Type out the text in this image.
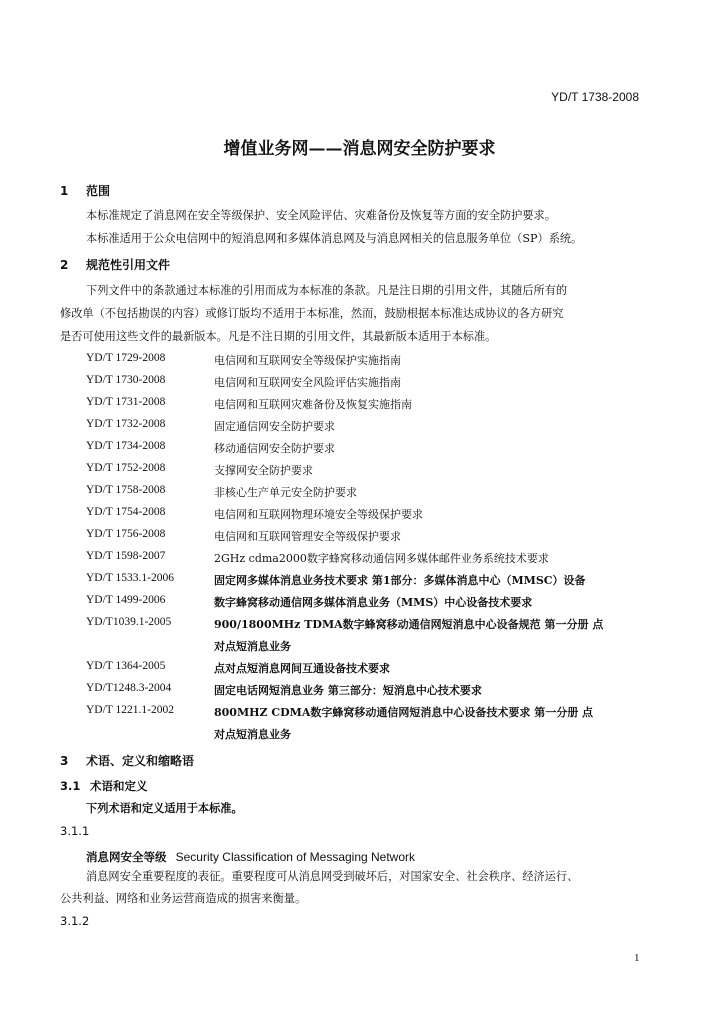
YD/T 1738-2008
增值业务网——消息网安全防护要求
1 范围
本标准规定了消息网在安全等级保护、安全风险评估、灾难备份及恢复等方面的安全防护要求。
本标准适用于公众电信网中的短消息网和多媒体消息网及与消息网相关的信息服务单位（SP）系统。
2 规范性引用文件
下列文件中的条款通过本标准的引用而成为本标准的条款。凡是注日期的引用文件，其随后所有的
修改单（不包括勘误的内容）或修订版均不适用于本标准，然而，鼓励根据本标准达成协议的各方研究
是否可使用这些文件的最新版本。凡是不注日期的引用文件，其最新版本适用于本标准。
YD/T 1729-2008	电信网和互联网安全等级保护实施指南
YD/T 1730-2008	电信网和互联网安全风险评估实施指南
YD/T 1731-2008	电信网和互联网灾难备份及恢复实施指南
YD/T 1732-2008	固定通信网安全防护要求
YD/T 1734-2008	移动通信网安全防护要求
YD/T 1752-2008	支撑网安全防护要求
YD/T 1758-2008	非核心生产单元安全防护要求
YD/T 1754-2008	电信网和互联网物理环境安全等级保护要求
YD/T 1756-2008	电信网和互联网管理安全等级保护要求
YD/T 1598-2007	2GHz cdma2000数字蜂窝移动通信网多媒体邮件业务系统技术要求
YD/T 1533.1-2006	固定网多媒体消息业务技术要求 第1部分：多媒体消息中心（MMSC）设备
YD/T 1499-2006	数字蜂窝移动通信网多媒体消息业务（MMS）中心设备技术要求
YD/T1039.1-2005	900/1800MHz TDMA数字蜂窝移动通信网短消息中心设备规范 第一分册 点
对点短消息业务
YD/T 1364-2005	点对点短消息网间互通设备技术要求
YD/T1248.3-2004	固定电话网短消息业务 第三部分：短消息中心技术要求
YD/T 1221.1-2002	800MHZ CDMA数字蜂窝移动通信网短消息中心设备技术要求 第一分册 点
对点短消息业务
3 术语、定义和缩略语
3.1 术语和定义
下列术语和定义适用于本标准。
3.1.1
消息网安全等级 Security Classification of Messaging Network
消息网安全重要程度的表征。重要程度可从消息网受到破坏后，对国家安全、社会秩序、经济运行、
公共利益、网络和业务运营商造成的损害来衡量。
3.1.2
1
